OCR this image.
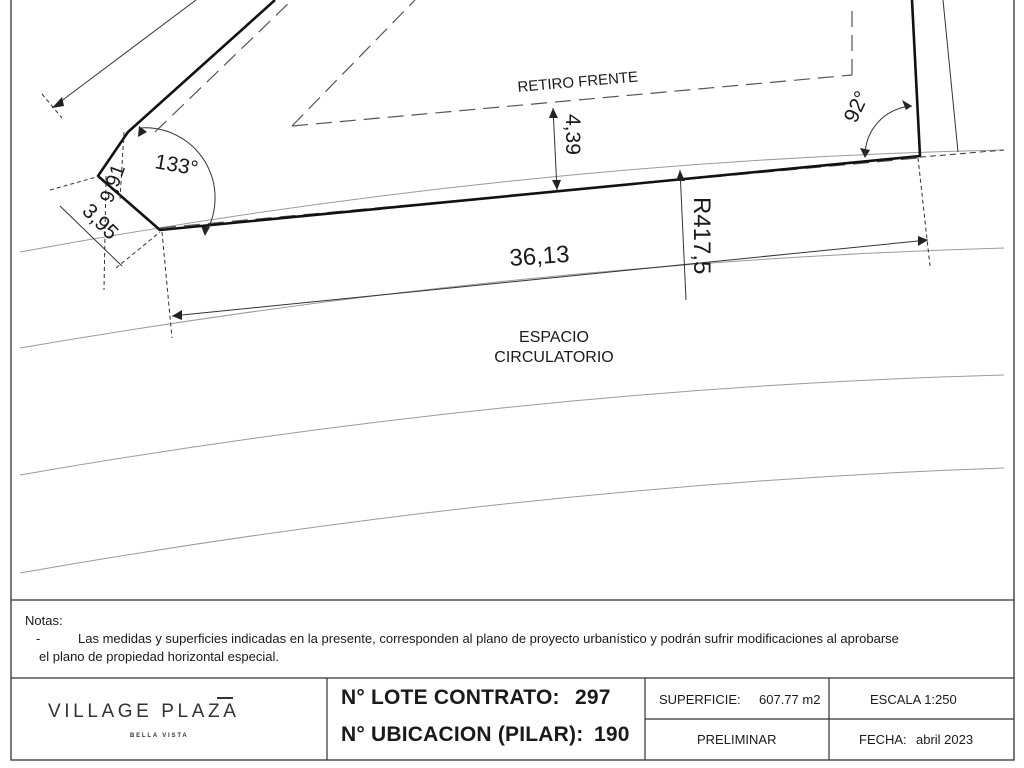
RETIRO FRENTE
4,39
92°
133°
9,91
3,95
36,13	R417,5
ESPACIO
CIRCULATORIO
Notas:
-	Las medidas y superficies indicadas en la presente, corresponden al plano de proyecto urbanístico y podrán sufrir modificaciones al aprobarse
el plano de propiedad horizontal especial.
VILLAGE PLAZA
BELLA VISTA
N° LOTE CONTRATO: 297
N° UBICACION (PILAR): 190
SUPERFICIE: 607.77 m2	ESCALA 1:250
PRELIMINAR	FECHA: abril 2023
